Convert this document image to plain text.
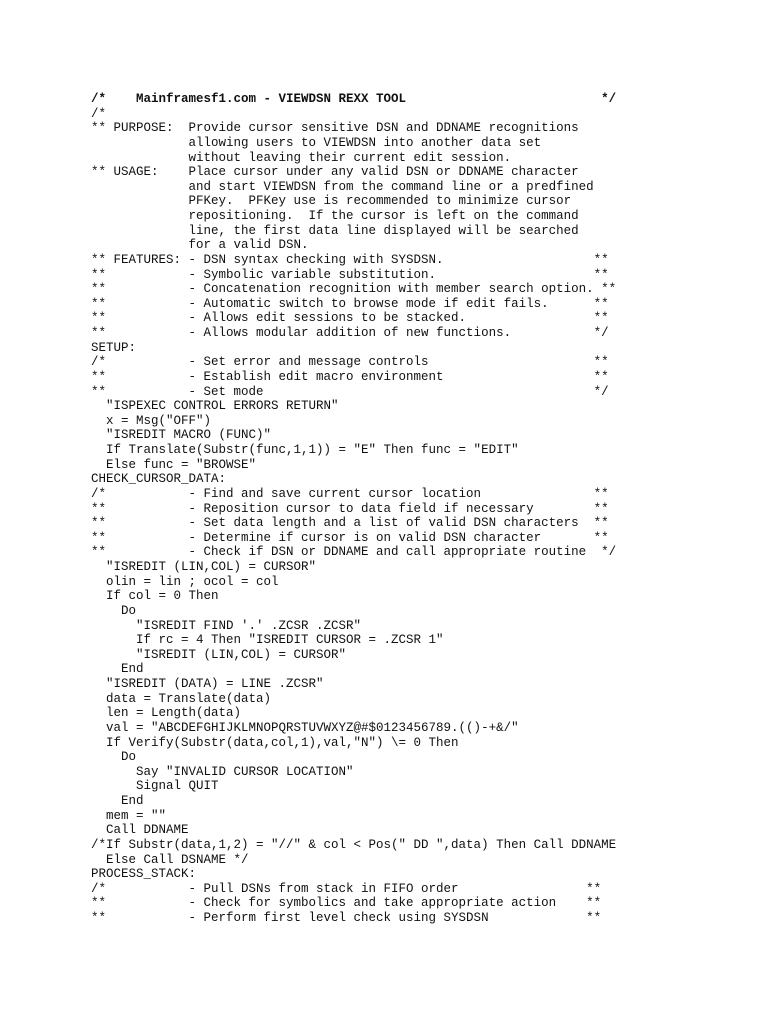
/*    Mainframesf1.com - VIEWDSN REXX TOOL                          */
/*
** PURPOSE:  Provide cursor sensitive DSN and DDNAME recognitions
allowing users to VIEWDSN into another data set
without leaving their current edit session.
** USAGE:    Place cursor under any valid DSN or DDNAME character
and start VIEWDSN from the command line or a predfined
PFKey.  PFKey use is recommended to minimize cursor
repositioning.  If the cursor is left on the command
line, the first data line displayed will be searched
for a valid DSN.
** FEATURES: - DSN syntax checking with SYSDSN.                    **
**           - Symbolic variable substitution.                     **
**           - Concatenation recognition with member search option. **
**           - Automatic switch to browse mode if edit fails.      **
**           - Allows edit sessions to be stacked.                 **
**           - Allows modular addition of new functions.           */
SETUP:
/*           - Set error and message controls                      **
**           - Establish edit macro environment                    **
**           - Set mode                                            */
"ISPEXEC CONTROL ERRORS RETURN"
x = Msg("OFF")
"ISREDIT MACRO (FUNC)"
If Translate(Substr(func,1,1)) = "E" Then func = "EDIT"
Else func = "BROWSE"
CHECK_CURSOR_DATA:
/*           - Find and save current cursor location               **
**           - Reposition cursor to data field if necessary        **
**           - Set data length and a list of valid DSN characters  **
**           - Determine if cursor is on valid DSN character       **
**           - Check if DSN or DDNAME and call appropriate routine  */
"ISREDIT (LIN,COL) = CURSOR"
olin = lin ; ocol = col
If col = 0 Then
Do
"ISREDIT FIND '.' .ZCSR .ZCSR"
If rc = 4 Then "ISREDIT CURSOR = .ZCSR 1"
"ISREDIT (LIN,COL) = CURSOR"
End
"ISREDIT (DATA) = LINE .ZCSR"
data = Translate(data)
len = Length(data)
val = "ABCDEFGHIJKLMNOPQRSTUVWXYZ@#$0123456789.(()-+&/"
If Verify(Substr(data,col,1),val,"N") \= 0 Then
Do
Say "INVALID CURSOR LOCATION"
Signal QUIT
End
mem = ""
Call DDNAME
/*If Substr(data,1,2) = "//" & col < Pos(" DD ",data) Then Call DDNAME
Else Call DSNAME */
PROCESS_STACK:
/*           - Pull DSNs from stack in FIFO order                 **
**           - Check for symbolics and take appropriate action    **
**           - Perform first level check using SYSDSN             **
